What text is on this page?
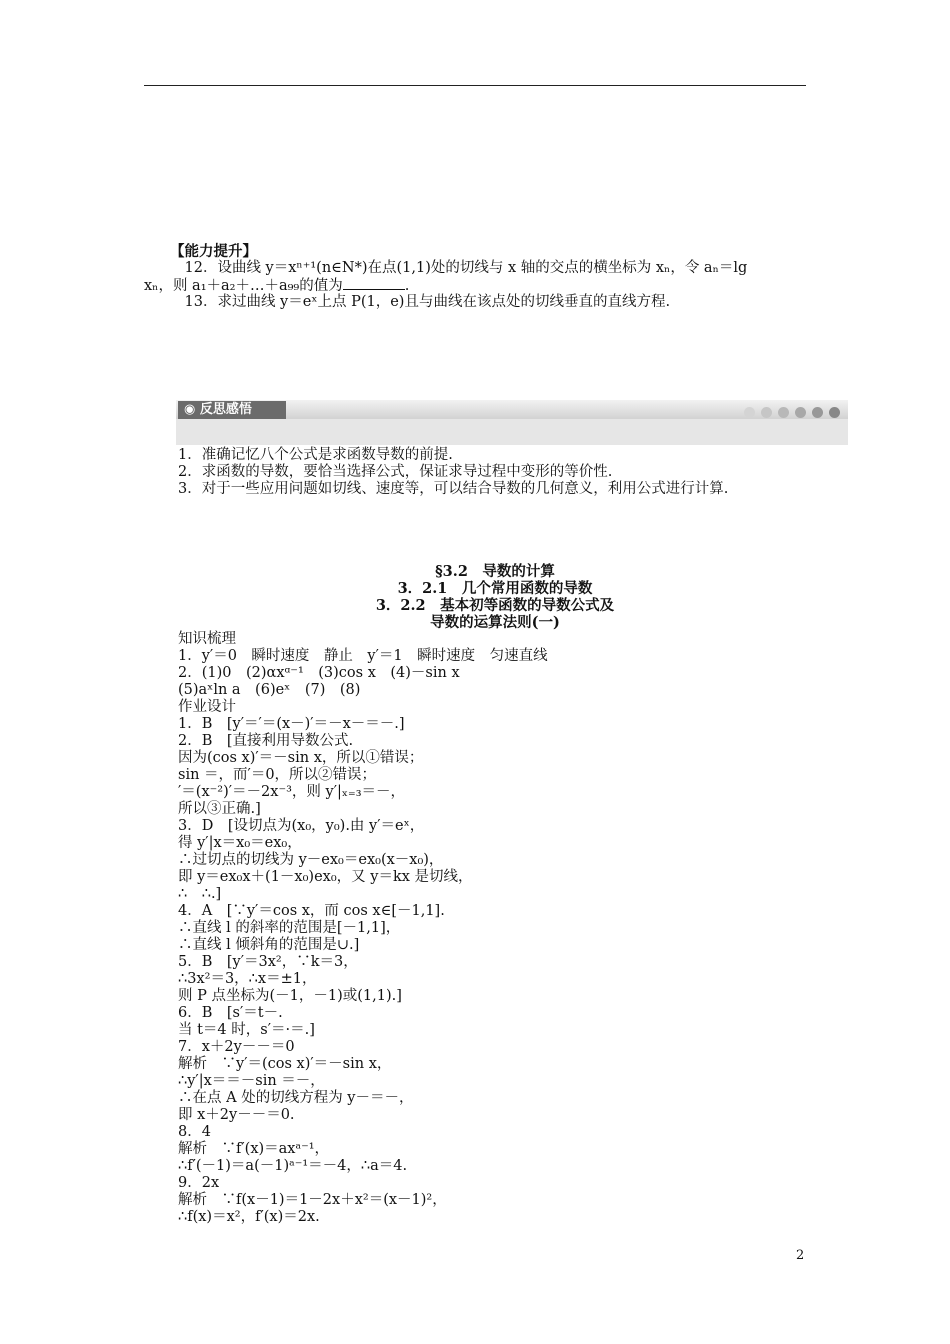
【能力提升】
　12．设曲线 y＝xⁿ⁺¹(n∈N*)在点(1,1)处的切线与 x 轴的交点的横坐标为 xₙ，令 aₙ＝lg
xₙ，则 a₁＋a₂＋…＋a₉₉的值为	.
　13．求过曲线 y＝eˣ上点 P(1，e)且与曲线在该点处的切线垂直的直线方程.
◉ 反思感悟
1．准确记忆八个公式是求函数导数的前提.
2．求函数的导数，要恰当选择公式，保证求导过程中变形的等价性.
3．对于一些应用问题如切线、速度等，可以结合导数的几何意义，利用公式进行计算.
§3.2　导数的计算
3．2.1　几个常用函数的导数
3．2.2　基本初等函数的导数公式及
导数的运算法则(一)
知识梳理
1．y′＝0　瞬时速度　静止　y′＝1　瞬时速度　匀速直线
2．(1)0　(2)αxᵅ⁻¹　(3)cos x　(4)－sin x
(5)aˣln a　(6)eˣ　(7)　(8)
作业设计
1．B　[y′＝′＝(x－)′＝－x－＝－.]
2．B　[直接利用导数公式.
因为(cos x)′＝－sin x，所以①错误；
sin ＝，而′＝0，所以②错误；
′＝(x⁻²)′＝－2x⁻³，则 y′|ₓ₌₃＝－，
所以③正确.]
3．D　[设切点为(x₀，y₀).由 y′＝eˣ，
得 y′|x＝x₀＝ex₀，
∴过切点的切线为 y－ex₀＝ex₀(x－x₀)，
即 y＝ex₀x＋(1－x₀)ex₀，又 y＝kx 是切线，
∴　∴.]
4．A　[∵y′＝cos x，而 cos x∈[－1,1].
∴直线 l 的斜率的范围是[－1,1]，
∴直线 l 倾斜角的范围是∪.]
5．B　[y′＝3x²，∵k＝3，
∴3x²＝3，∴x＝±1，
则 P 点坐标为(－1，－1)或(1,1).]
6．B　[s′＝t－.
当 t＝4 时，s′＝·＝.]
7．x＋2y－－＝0
解析　∵y′＝(cos x)′＝－sin x，
∴y′|x＝＝－sin ＝－，
∴在点 A 处的切线方程为 y－＝－，
即 x＋2y－－＝0.
8．4
解析　∵f′(x)＝axᵃ⁻¹，
∴f′(－1)＝a(－1)ᵃ⁻¹＝－4，∴a＝4.
9．2x
解析　∵f(x－1)＝1－2x＋x²＝(x－1)²，
∴f(x)＝x²，f′(x)＝2x.
2
